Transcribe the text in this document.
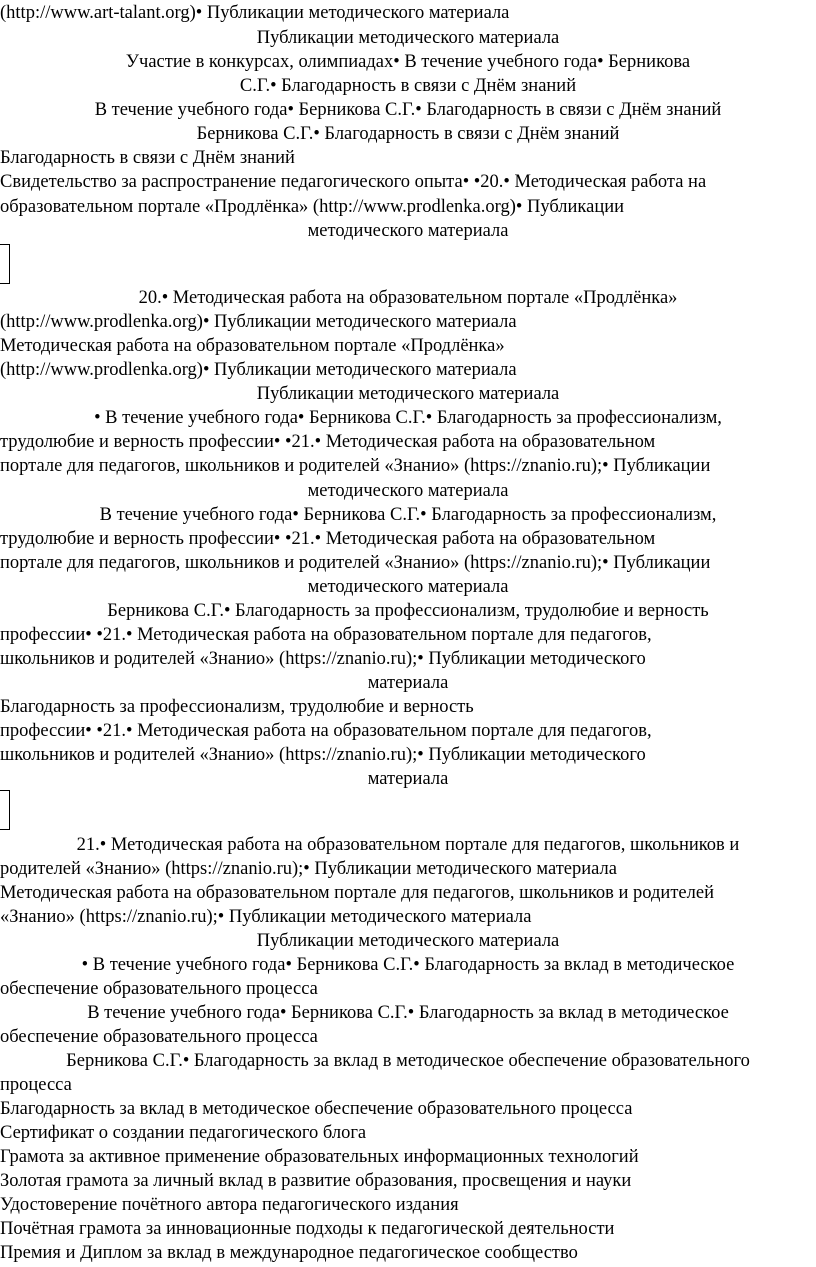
(http://www.art-talant.org)• Публикации методического материала
Публикации методического материала
Участие в конкурсах, олимпиадах• В течение учебного года• Берникова
С.Г.• Благодарность в связи с Днём знаний
В течение учебного года• Берникова С.Г.• Благодарность в связи с Днём знаний
Берникова С.Г.• Благодарность в связи с Днём знаний
Благодарность в связи с Днём знаний
Свидетельство за распространение педагогического опыта• •20.• Методическая работа на
образовательном портале «Продлёнка» (http://www.prodlenka.org)• Публикации
методического материала
20.• Методическая работа на образовательном портале «Продлёнка»
(http://www.prodlenka.org)• Публикации методического материала
Методическая работа на образовательном портале «Продлёнка»
(http://www.prodlenka.org)• Публикации методического материала
Публикации методического материала
• В течение учебного года• Берникова С.Г.• Благодарность за профессионализм,
трудолюбие и верность профессии• •21.• Методическая работа на образовательном
портале для педагогов, школьников и родителей «Знанио» (https://znanio.ru);• Публикации
методического материала
В течение учебного года• Берникова С.Г.• Благодарность за профессионализм,
трудолюбие и верность профессии• •21.• Методическая работа на образовательном
портале для педагогов, школьников и родителей «Знанио» (https://znanio.ru);• Публикации
методического материала
Берникова С.Г.• Благодарность за профессионализм, трудолюбие и верность
профессии• •21.• Методическая работа на образовательном портале для педагогов,
школьников и родителей «Знанио» (https://znanio.ru);• Публикации методического
материала
Благодарность за профессионализм, трудолюбие и верность
профессии• •21.• Методическая работа на образовательном портале для педагогов,
школьников и родителей «Знанио» (https://znanio.ru);• Публикации методического
материала
21.• Методическая работа на образовательном портале для педагогов, школьников и
родителей «Знанио» (https://znanio.ru);• Публикации методического материала
Методическая работа на образовательном портале для педагогов, школьников и родителей
«Знанио» (https://znanio.ru);• Публикации методического материала
Публикации методического материала
• В течение учебного года• Берникова С.Г.• Благодарность за вклад в методическое
обеспечение образовательного процесса
В течение учебного года• Берникова С.Г.• Благодарность за вклад в методическое
обеспечение образовательного процесса
Берникова С.Г.• Благодарность за вклад в методическое обеспечение образовательного
процесса
Благодарность за вклад в методическое обеспечение образовательного процесса
Сертификат о создании педагогического блога
Грамота за активное применение образовательных информационных технологий
Золотая грамота за личный вклад в развитие образования, просвещения и науки
Удостоверение почётного автора педагогического издания
Почётная грамота за инновационные подходы к педагогической деятельности
Премия и Диплом за вклад в международное педагогическое сообщество
